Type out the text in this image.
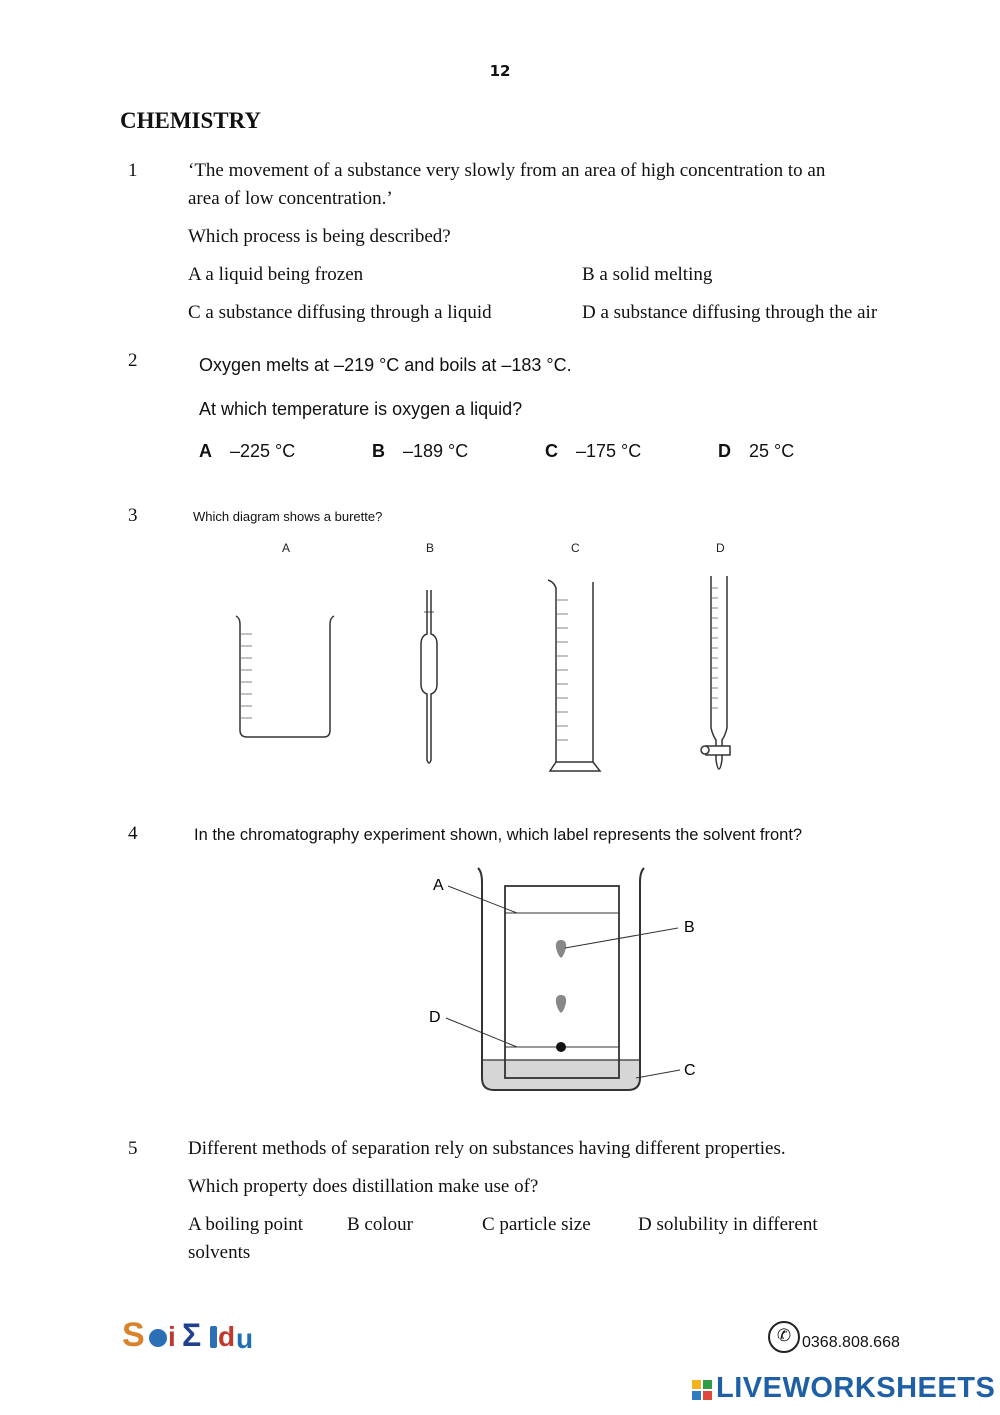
12
CHEMISTRY
1	‘The movement of a substance very slowly from an area of high concentration to an
area of low concentration.’
Which process is being described?
A a liquid being frozen	B a solid melting
C a substance diffusing through a liquid	D a substance diffusing through the air
2	Oxygen melts at –219 °C and boils at –183 °C.
At which temperature is oxygen a liquid?
A –225 °C	B –189 °C	C –175 °C	D 25 °C
3	Which diagram shows a burette?
A	B	C	D
4	In the chromatography experiment shown, which label represents the solvent front?
A
B
C
D
5	Different methods of separation rely on substances having different properties.
Which property does distillation make use of?
A boiling point B colour	C particle size D solubility in different
solvents
S i Σ d u
SciEdu
✆ 0368.808.668
LIVEWORKSHEETS
